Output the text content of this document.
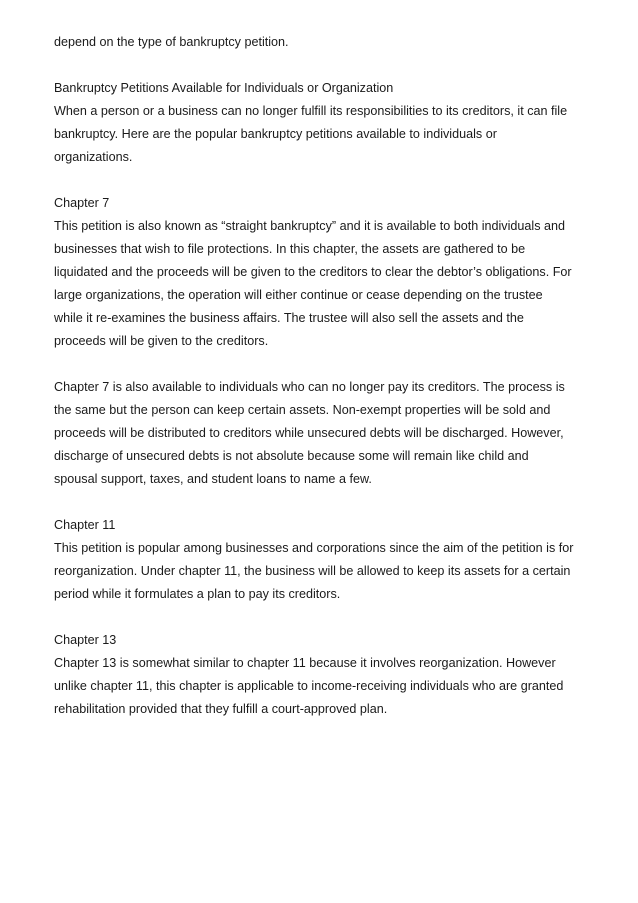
depend on the type of bankruptcy petition.
Bankruptcy Petitions Available for Individuals or Organization
When a person or a business can no longer fulfill its responsibilities to its creditors, it can file
bankruptcy. Here are the popular bankruptcy petitions available to individuals or
organizations.
Chapter 7
This petition is also known as “straight bankruptcy” and it is available to both individuals and
businesses that wish to file protections. In this chapter, the assets are gathered to be
liquidated and the proceeds will be given to the creditors to clear the debtor’s obligations. For
large organizations, the operation will either continue or cease depending on the trustee
while it re-examines the business affairs. The trustee will also sell the assets and the
proceeds will be given to the creditors.
Chapter 7 is also available to individuals who can no longer pay its creditors. The process is
the same but the person can keep certain assets. Non-exempt properties will be sold and
proceeds will be distributed to creditors while unsecured debts will be discharged. However,
discharge of unsecured debts is not absolute because some will remain like child and
spousal support, taxes, and student loans to name a few.
Chapter 11
This petition is popular among businesses and corporations since the aim of the petition is for
reorganization. Under chapter 11, the business will be allowed to keep its assets for a certain
period while it formulates a plan to pay its creditors.
Chapter 13
Chapter 13 is somewhat similar to chapter 11 because it involves reorganization. However
unlike chapter 11, this chapter is applicable to income-receiving individuals who are granted
rehabilitation provided that they fulfill a court-approved plan.
